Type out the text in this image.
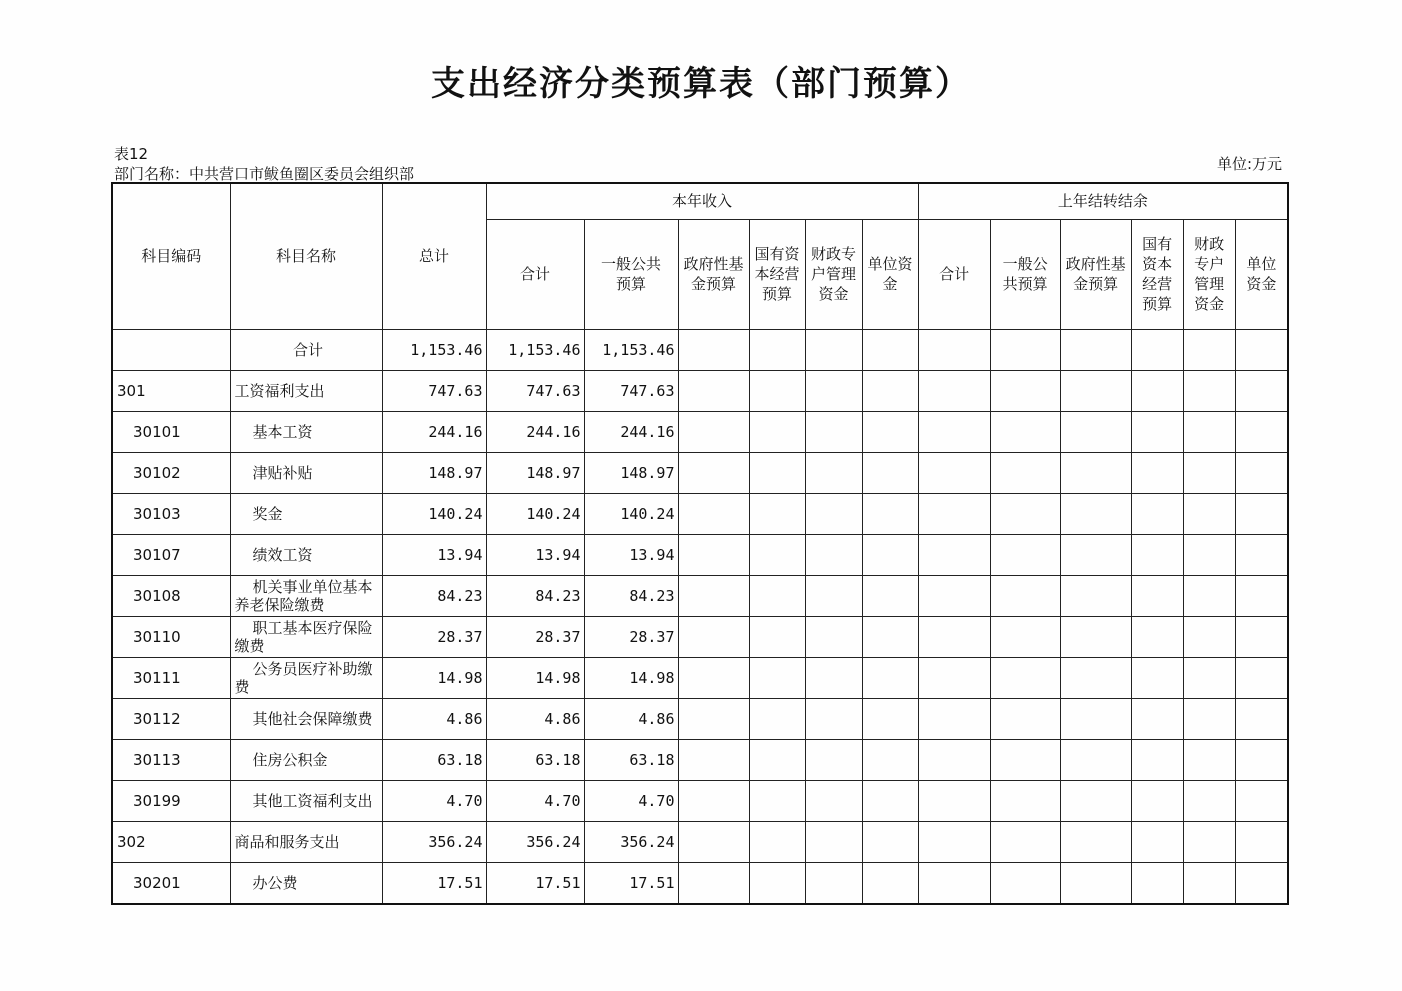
支出经济分类预算表（部门预算）
表12
部门名称：中共营口市鲅鱼圈区委员会组织部
单位:万元
科目编码	科目名称	总计	本年收入						上年结转结余					
			合计	一般公共预算	政府性基金预算	国有资本经营预算	财政专户管理资金	单位资金	合计	一般公共预算	政府性基金预算	国有资本经营预算	财政专户管理资金	单位资金
	合计	1,153.46	1,153.46	1,153.46										
301	工资福利支出	747.63	747.63	747.63										
30101	基本工资	244.16	244.16	244.16										
30102	津贴补贴	148.97	148.97	148.97										
30103	奖金	140.24	140.24	140.24										
30107	绩效工资	13.94	13.94	13.94										
30108	机关事业单位基本养老保险缴费	84.23	84.23	84.23										
30110	职工基本医疗保险缴费	28.37	28.37	28.37										
30111	公务员医疗补助缴费	14.98	14.98	14.98										
30112	其他社会保障缴费	4.86	4.86	4.86										
30113	住房公积金	63.18	63.18	63.18										
30199	其他工资福利支出	4.70	4.70	4.70										
302	商品和服务支出	356.24	356.24	356.24										
30201	办公费	17.51	17.51	17.51										
